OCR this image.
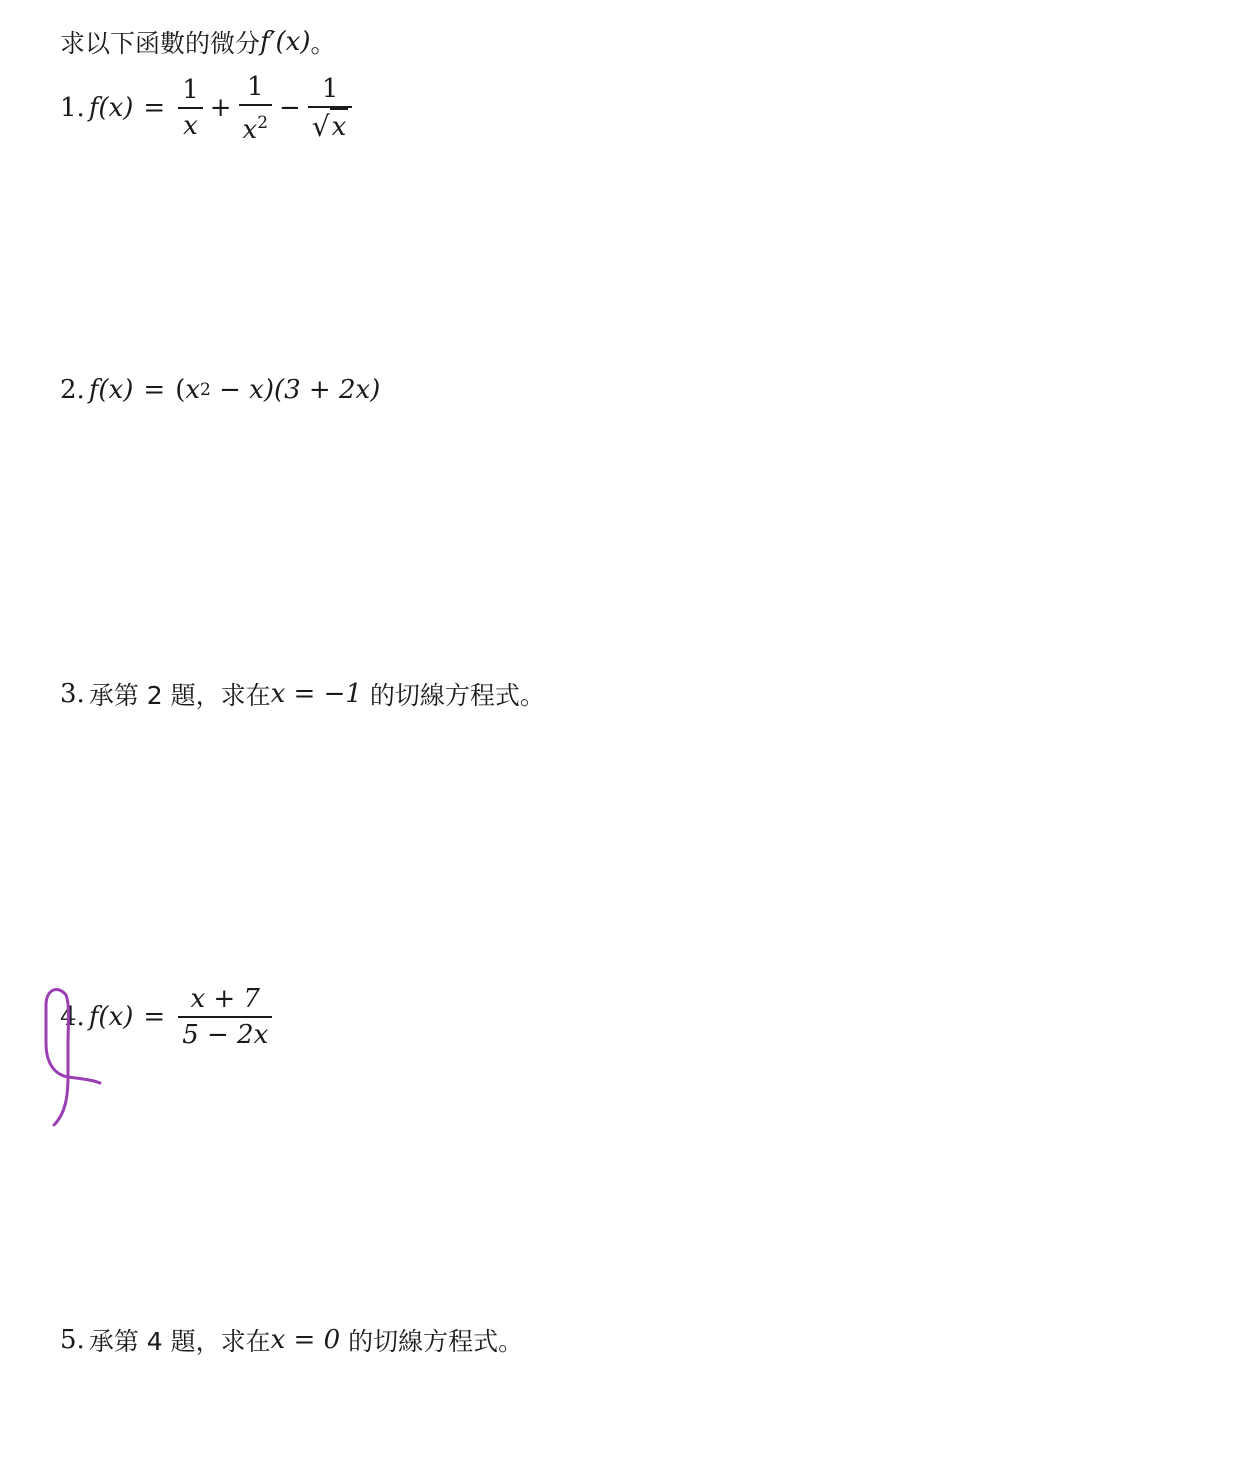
求以下函數的微分 f′(x) 。
1. $f(x) = \frac{1}{x} + \frac{1}{x^2} - \frac{1}{√ x}$
2. f(x) = ( x 2 − x) (3 + 2x)
3. 承第 2 題，求在 x = −1 的切線方程式。
4. $f(x) = \frac{x + 7}{5 - 2x}$
5. 承第 4 題，求在 x = 0 的切線方程式。
